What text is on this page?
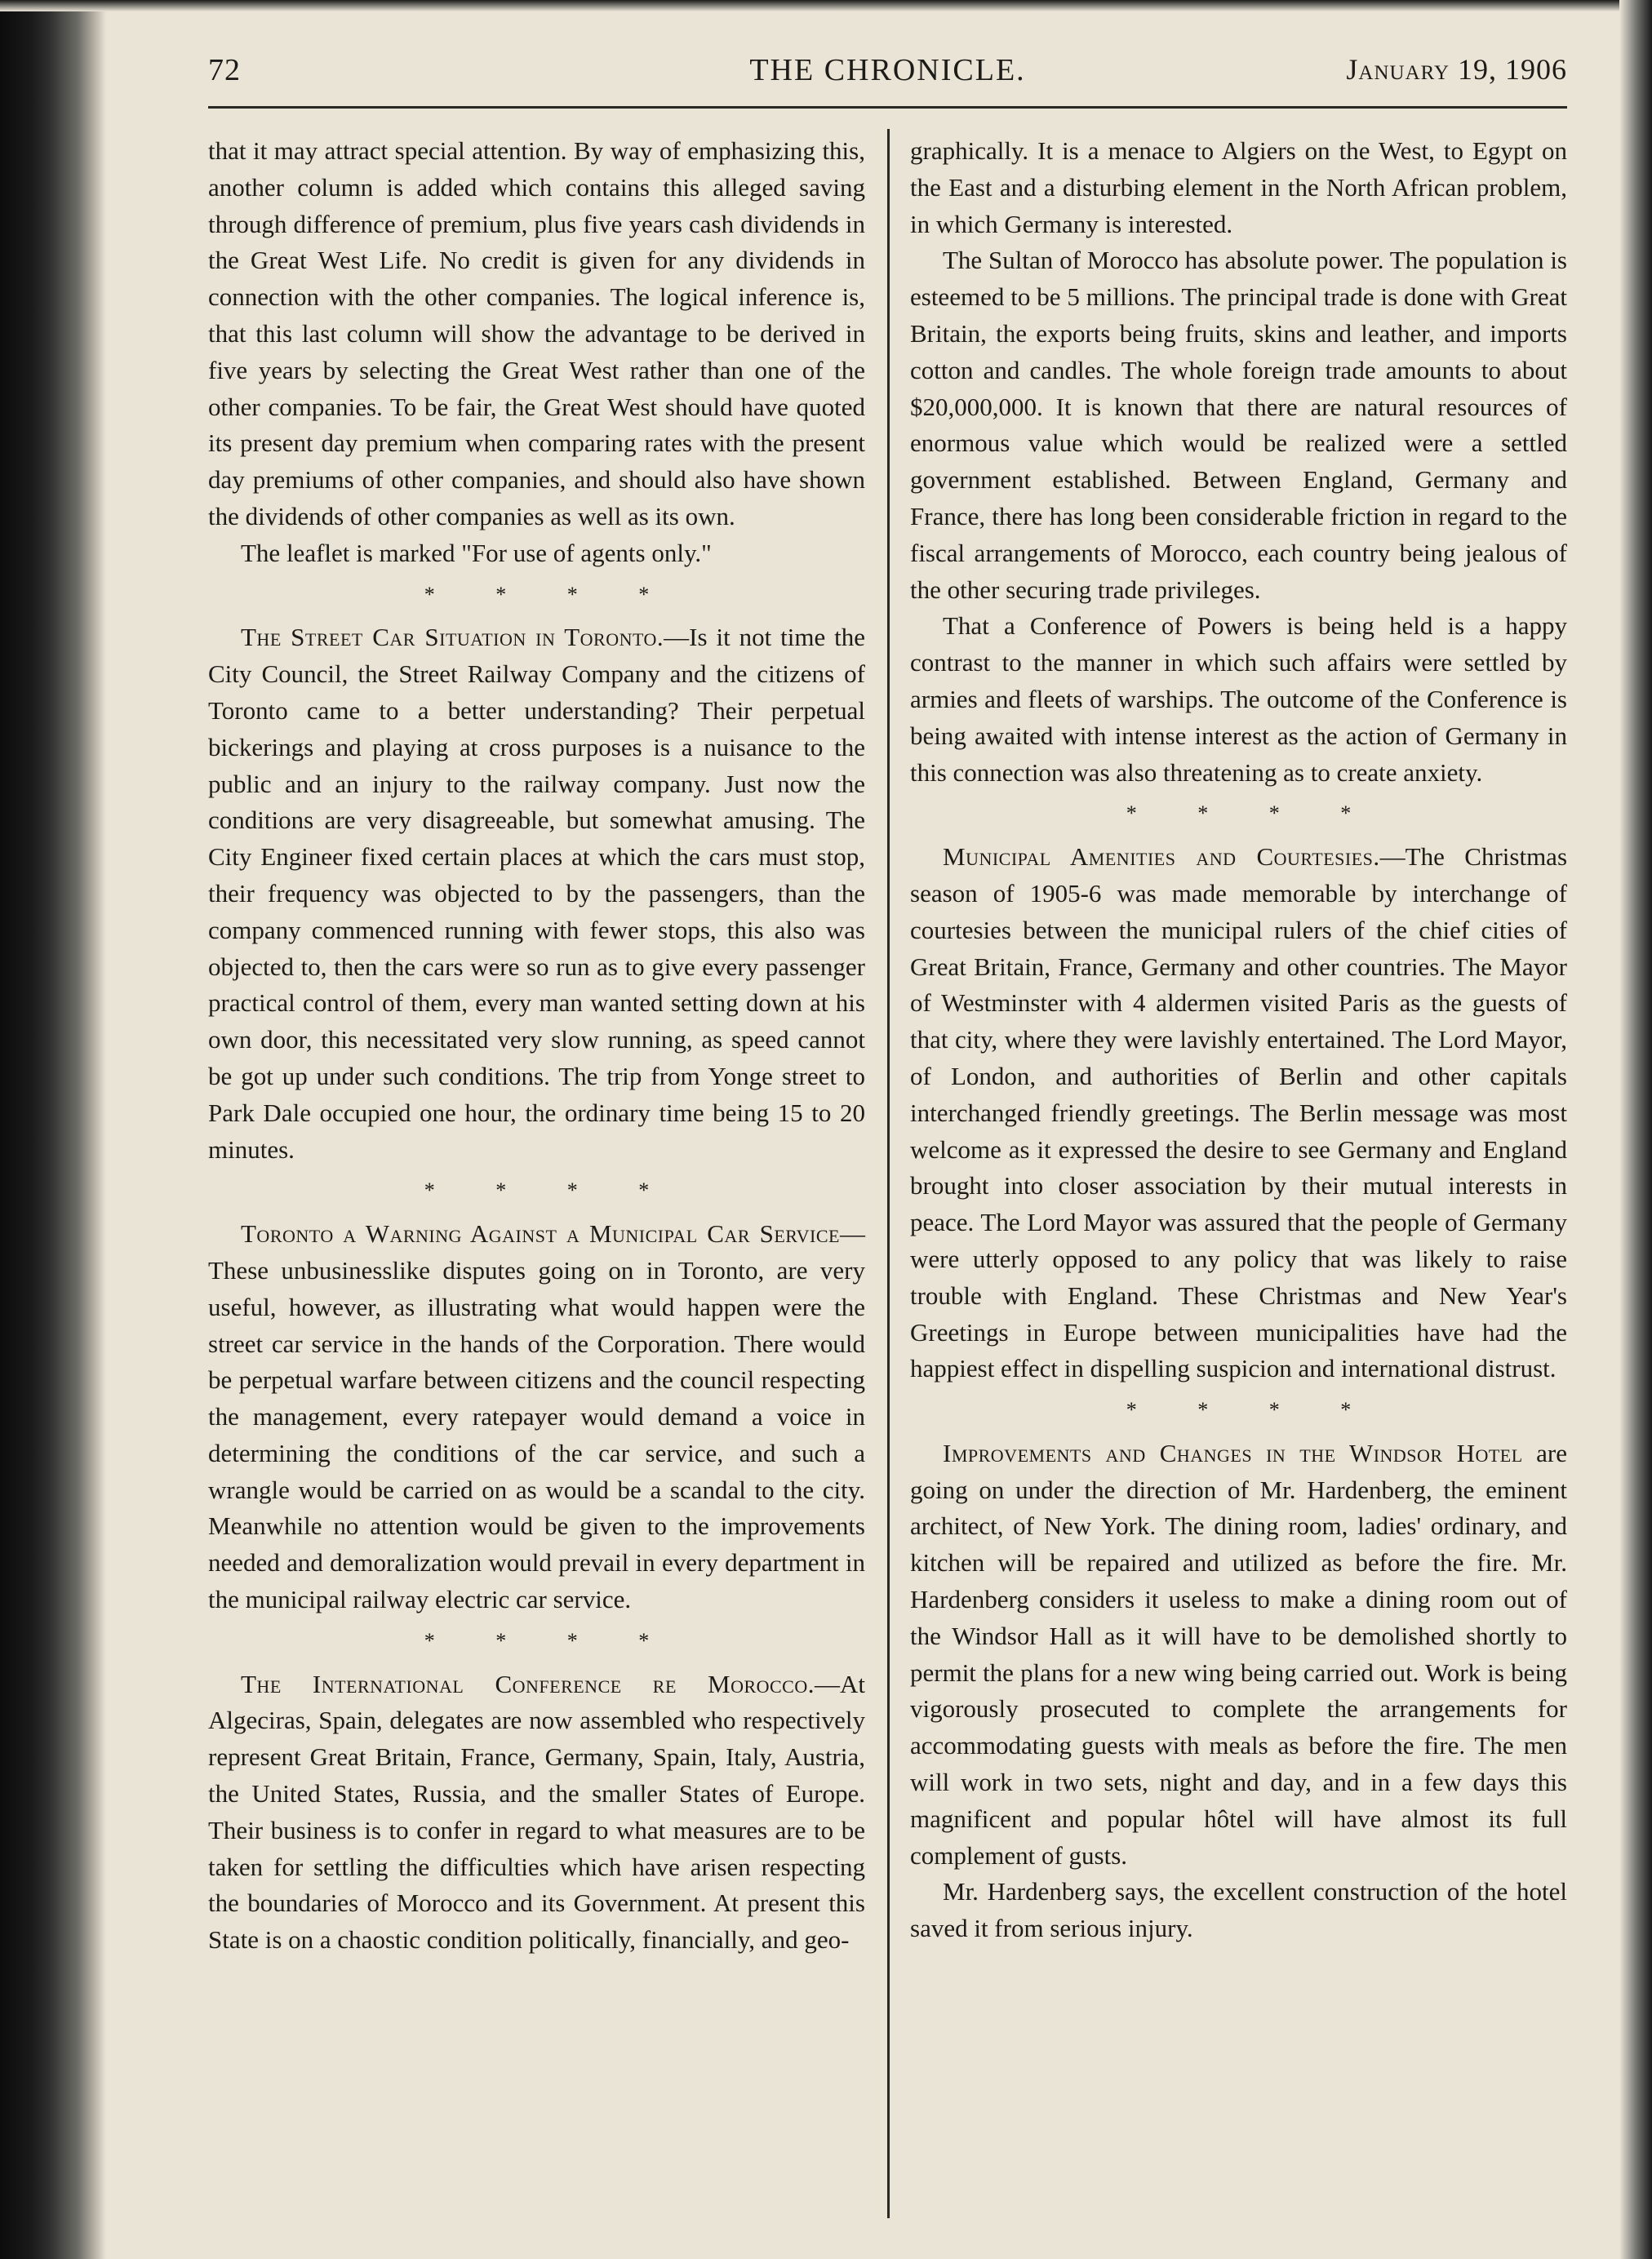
72	THE CHRONICLE.	January 19, 1906

that it may attract special attention. By way of emphasizing this, another column is added which contains this alleged saving through difference of premium, plus five years cash dividends in the Great West Life. No credit is given for any dividends in connection with the other companies. The logical inference is, that this last column will show the advantage to be derived in five years by selecting the Great West rather than one of the other companies. To be fair, the Great West should have quoted its present day premium when comparing rates with the present day premiums of other companies, and should also have shown the dividends of other companies as well as its own.

The leaflet is marked "For use of agents only."

* * * *

The Street Car Situation in Toronto.—Is it not time the City Council, the Street Railway Company and the citizens of Toronto came to a better understanding? Their perpetual bickerings and playing at cross purposes is a nuisance to the public and an injury to the railway company. Just now the conditions are very disagreeable, but somewhat amusing. The City Engineer fixed certain places at which the cars must stop, their frequency was objected to by the passengers, than the company commenced running with fewer stops, this also was objected to, then the cars were so run as to give every passenger practical control of them, every man wanted setting down at his own door, this necessitated very slow running, as speed cannot be got up under such conditions. The trip from Yonge street to Park Dale occupied one hour, the ordinary time being 15 to 20 minutes.

* * * *

Toronto a Warning Against a Municipal Car Service—These unbusinesslike disputes going on in Toronto, are very useful, however, as illustrating what would happen were the street car service in the hands of the Corporation. There would be perpetual warfare between citizens and the council respecting the management, every ratepayer would demand a voice in determining the conditions of the car service, and such a wrangle would be carried on as would be a scandal to the city. Meanwhile no attention would be given to the improvements needed and demoralization would prevail in every department in the municipal railway electric car service.

* * * *

The International Conference re Morocco.—At Algeciras, Spain, delegates are now assembled who respectively represent Great Britain, France, Germany, Spain, Italy, Austria, the United States, Russia, and the smaller States of Europe. Their business is to confer in regard to what measures are to be taken for settling the difficulties which have arisen respecting the boundaries of Morocco and its Government. At present this State is on a chaostic condition politically, financially, and geo-

graphically. It is a menace to Algiers on the West, to Egypt on the East and a disturbing element in the North African problem, in which Germany is interested.

The Sultan of Morocco has absolute power. The population is esteemed to be 5 millions. The principal trade is done with Great Britain, the exports being fruits, skins and leather, and imports cotton and candles. The whole foreign trade amounts to about $20,000,000. It is known that there are natural resources of enormous value which would be realized were a settled government established. Between England, Germany and France, there has long been considerable friction in regard to the fiscal arrangements of Morocco, each country being jealous of the other securing trade privileges.

That a Conference of Powers is being held is a happy contrast to the manner in which such affairs were settled by armies and fleets of warships. The outcome of the Conference is being awaited with intense interest as the action of Germany in this connection was also threatening as to create anxiety.

* * * *

Municipal Amenities and Courtesies.—The Christmas season of 1905-6 was made memorable by interchange of courtesies between the municipal rulers of the chief cities of Great Britain, France, Germany and other countries. The Mayor of Westminster with 4 aldermen visited Paris as the guests of that city, where they were lavishly entertained. The Lord Mayor, of London, and authorities of Berlin and other capitals interchanged friendly greetings. The Berlin message was most welcome as it expressed the desire to see Germany and England brought into closer association by their mutual interests in peace. The Lord Mayor was assured that the people of Germany were utterly opposed to any policy that was likely to raise trouble with England. These Christmas and New Year's Greetings in Europe between municipalities have had the happiest effect in dispelling suspicion and international distrust.

* * * *

Improvements and Changes in the Windsor Hotel are going on under the direction of Mr. Hardenberg, the eminent architect, of New York. The dining room, ladies' ordinary, and kitchen will be repaired and utilized as before the fire. Mr. Hardenberg considers it useless to make a dining room out of the Windsor Hall as it will have to be demolished shortly to permit the plans for a new wing being carried out. Work is being vigorously prosecuted to complete the arrangements for accommodating guests with meals as before the fire. The men will work in two sets, night and day, and in a few days this magnificent and popular hôtel will have almost its full complement of gusts.

Mr. Hardenberg says, the excellent construction of the hotel saved it from serious injury.
